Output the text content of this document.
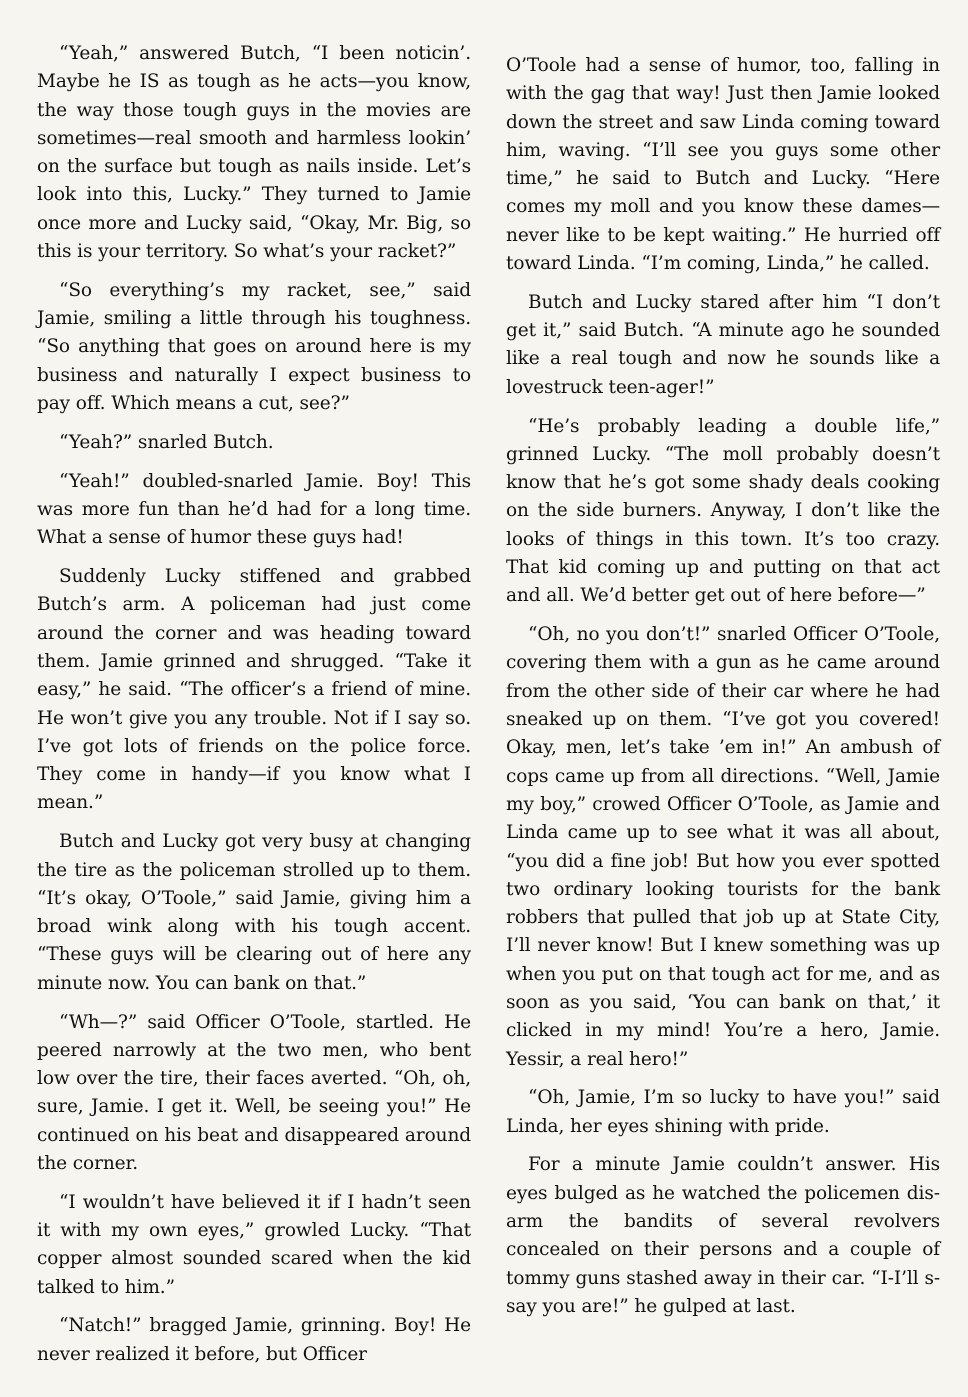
“Yeah,” answered Butch, “I been noticin’. Maybe he IS as tough as he acts—you know, the way those tough guys in the movies are sometimes—real smooth and harmless lookin’ on the surface but tough as nails inside. Let’s look into this, Lucky.” They turned to Jamie once more and Lucky said, “Okay, Mr. Big, so this is your territory. So what’s your racket?”

“So everything’s my racket, see,” said Jamie, smiling a little through his toughness. “So anything that goes on around here is my business and naturally I expect business to pay off. Which means a cut, see?”

“Yeah?” snarled Butch.

“Yeah!” doubled-snarled Jamie. Boy! This was more fun than he’d had for a long time. What a sense of humor these guys had!

Suddenly Lucky stiffened and grabbed Butch’s arm. A policeman had just come around the corner and was heading toward them. Jamie grinned and shrugged. “Take it easy,” he said. “The officer’s a friend of mine. He won’t give you any trouble. Not if I say so. I’ve got lots of friends on the police force. They come in handy—if you know what I mean.”

Butch and Lucky got very busy at changing the tire as the policeman strolled up to them. “It’s okay, O’Toole,” said Jamie, giving him a broad wink along with his tough accent. “These guys will be clearing out of here any minute now. You can bank on that.”

“Wh—?” said Officer O’Toole, startled. He peered narrowly at the two men, who bent low over the tire, their faces averted. “Oh, oh, sure, Jamie. I get it. Well, be seeing you!” He continued on his beat and disappeared around the corner.

“I wouldn’t have believed it if I hadn’t seen it with my own eyes,” growled Lucky. “That copper almost sounded scared when the kid talked to him.”

“Natch!” bragged Jamie, grinning. Boy! He never realized it before, but Officer

O’Toole had a sense of humor, too, falling in with the gag that way! Just then Jamie looked down the street and saw Linda coming toward him, waving. “I’ll see you guys some other time,” he said to Butch and Lucky. “Here comes my moll and you know these dames—never like to be kept waiting.” He hurried off toward Linda. “I’m coming, Linda,” he called.

Butch and Lucky stared after him “I don’t get it,” said Butch. “A minute ago he sounded like a real tough and now he sounds like a lovestruck teen-ager!”

“He’s probably leading a double life,” grinned Lucky. “The moll probably doesn’t know that he’s got some shady deals cooking on the side burners. Anyway, I don’t like the looks of things in this town. It’s too crazy. That kid coming up and putting on that act and all. We’d better get out of here before—”

“Oh, no you don’t!” snarled Officer O’Toole, covering them with a gun as he came around from the other side of their car where he had sneaked up on them. “I’ve got you covered! Okay, men, let’s take ’em in!” An ambush of cops came up from all directions. “Well, Jamie my boy,” crowed Officer O’Toole, as Jamie and Linda came up to see what it was all about, “you did a fine job! But how you ever spotted two ordinary looking tourists for the bank robbers that pulled that job up at State City, I’ll never know! But I knew something was up when you put on that tough act for me, and as soon as you said, ‘You can bank on that,’ it clicked in my mind! You’re a hero, Jamie. Yessir, a real hero!”

“Oh, Jamie, I’m so lucky to have you!” said Linda, her eyes shining with pride.

For a minute Jamie couldn’t answer. His eyes bulged as he watched the policemen disarm the bandits of several revolvers concealed on their persons and a couple of tommy guns stashed away in their car. “I-I’ll s-say you are!” he gulped at last.
